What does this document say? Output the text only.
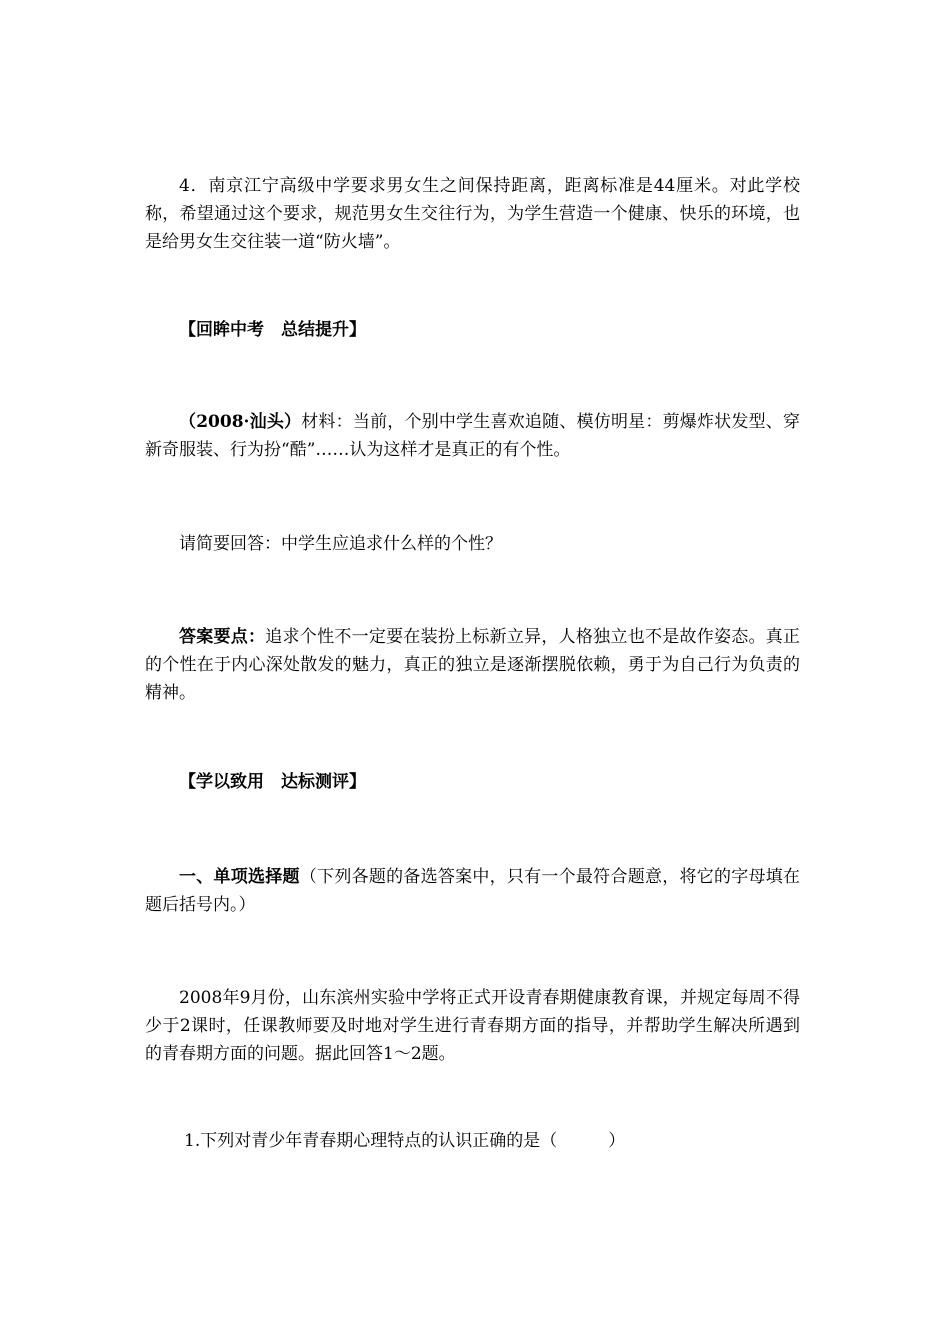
4．南京江宁高级中学要求男女生之间保持距离，距离标准是44厘米。对此学校称，希望通过这个要求，规范男女生交往行为，为学生营造一个健康、快乐的环境，也是给男女生交往装一道“防火墙”。

【回眸中考　总结提升】

（2008·汕头）材料：当前，个别中学生喜欢追随、模仿明星：剪爆炸状发型、穿新奇服装、行为扮“酷”……认为这样才是真正的有个性。

请简要回答：中学生应追求什么样的个性？

答案要点：追求个性不一定要在装扮上标新立异，人格独立也不是故作姿态。真正的个性在于内心深处散发的魅力，真正的独立是逐渐摆脱依赖，勇于为自己行为负责的精神。

【学以致用　达标测评】

一、单项选择题（下列各题的备选答案中，只有一个最符合题意，将它的字母填在题后括号内。）

2008年9月份，山东滨州实验中学将正式开设青春期健康教育课，并规定每周不得少于2课时，任课教师要及时地对学生进行青春期方面的指导，并帮助学生解决所遇到的青春期方面的问题。据此回答1～2题。

1.下列对青少年青春期心理特点的认识正确的是（　　　）
